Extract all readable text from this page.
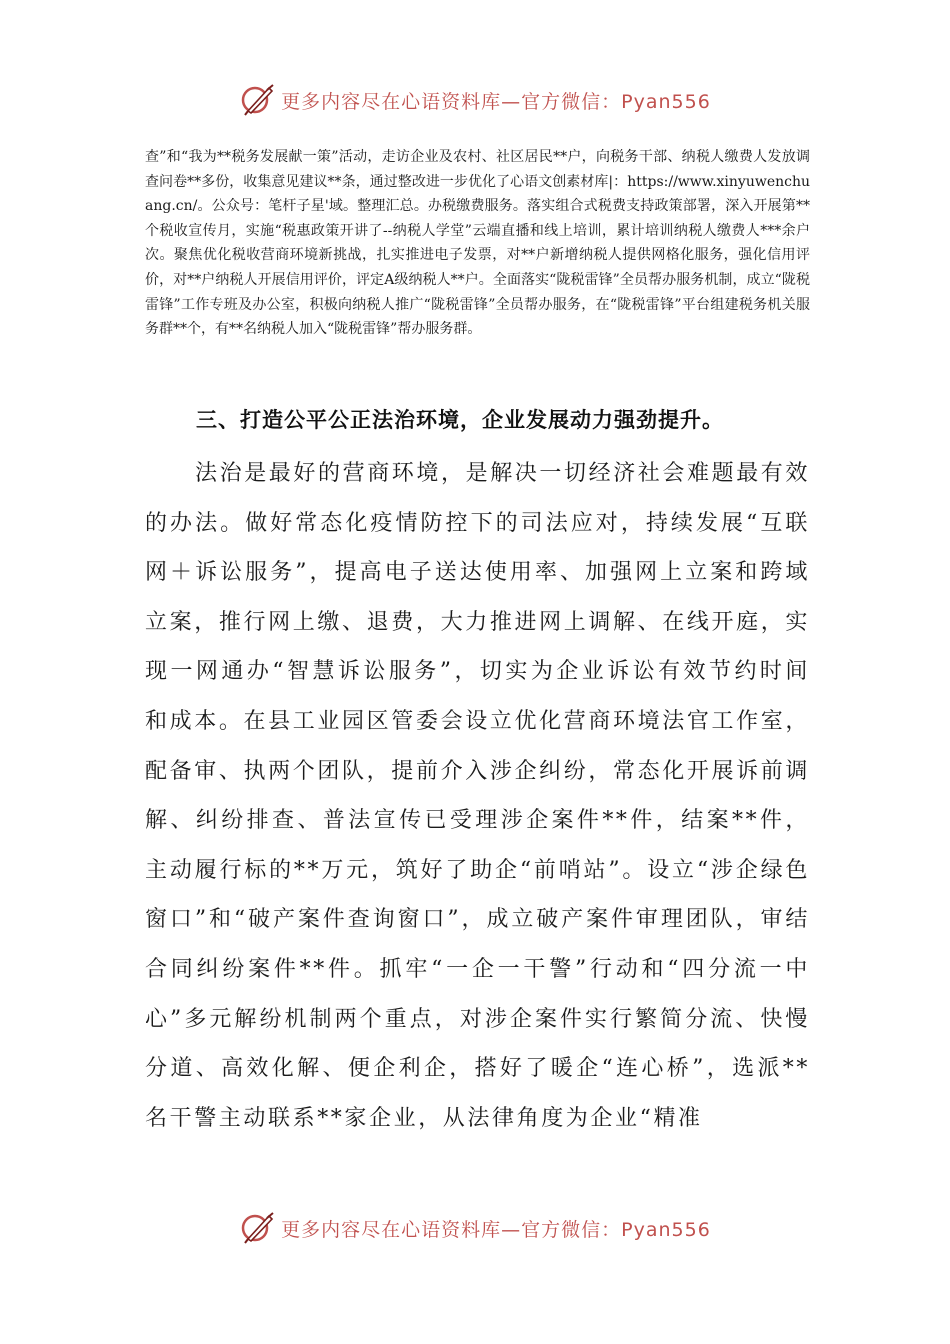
更多内容尽在心语资料库—官方微信：Pyan556
查”和“我为**税务发展献一策”活动，走访企业及农村、社区居民**户，向税务干部、纳税人缴费人发放调查问卷**多份，收集意见建议**条，通过整改进一步优化了心语文创素材库|：https://www.xinyuwenchuang.cn/。公众号：笔杆子星'域。整理汇总。办税缴费服务。落实组合式税费支持政策部署，深入开展第**个税收宣传月，实施“税惠政策开讲了--纳税人学堂”云端直播和线上培训，累计培训纳税人缴费人***余户次。聚焦优化税收营商环境新挑战，扎实推进电子发票，对**户新增纳税人提供网格化服务，强化信用评价，对**户纳税人开展信用评价，评定A级纳税人**户。全面落实“陇税雷锋”全员帮办服务机制，成立“陇税雷锋”工作专班及办公室，积极向纳税人推广“陇税雷锋”全员帮办服务，在“陇税雷锋”平台组建税务机关服务群**个，有**名纳税人加入“陇税雷锋”帮办服务群。
三、打造公平公正法治环境，企业发展动力强劲提升。
法治是最好的营商环境，是解决一切经济社会难题最有效的办法。做好常态化疫情防控下的司法应对，持续发展“互联网＋诉讼服务”，提高电子送达使用率、加强网上立案和跨域立案，推行网上缴、退费，大力推进网上调解、在线开庭，实现一网通办“智慧诉讼服务”，切实为企业诉讼有效节约时间和成本。在县工业园区管委会设立优化营商环境法官工作室，配备审、执两个团队，提前介入涉企纠纷，常态化开展诉前调解、纠纷排查、普法宣传已受理涉企案件**件，结案**件，主动履行标的**万元，筑好了助企“前哨站”。设立“涉企绿色窗口”和“破产案件查询窗口”，成立破产案件审理团队，审结合同纠纷案件**件。抓牢“一企一干警”行动和“四分流一中心”多元解纷机制两个重点，对涉企案件实行繁简分流、快慢分道、高效化解、便企利企，搭好了暖企“连心桥”，选派**名干警主动联系**家企业，从法律角度为企业“精准
更多内容尽在心语资料库—官方微信：Pyan556
